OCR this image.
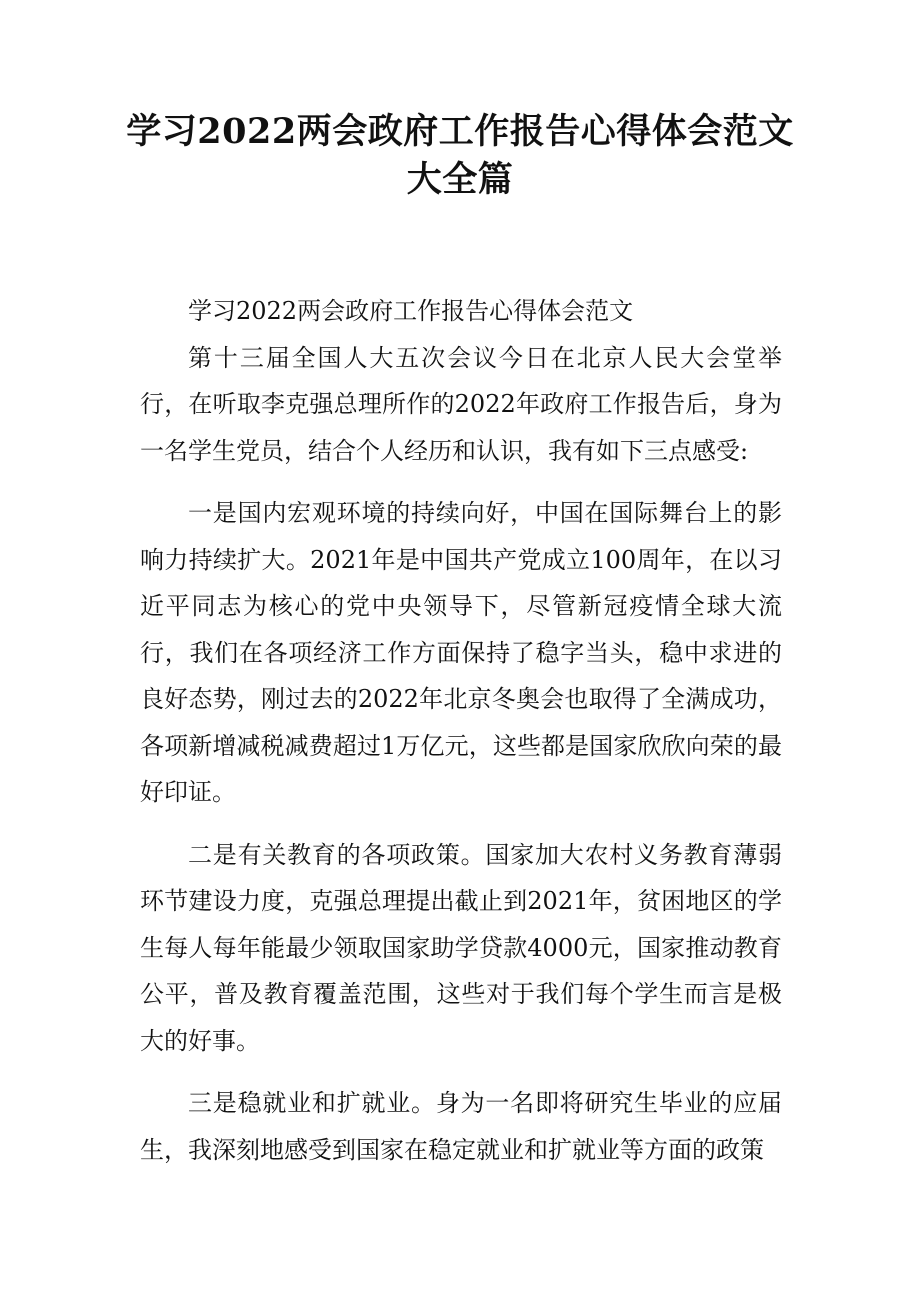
学习2022两会政府工作报告心得体会范文
大全篇

学习2022两会政府工作报告心得体会范文

第十三届全国人大五次会议今日在北京人民大会堂举行，在听取李克强总理所作的2022年政府工作报告后，身为一名学生党员，结合个人经历和认识，我有如下三点感受:

一是国内宏观环境的持续向好，中国在国际舞台上的影响力持续扩大。2021年是中国共产党成立100周年，在以习近平同志为核心的党中央领导下，尽管新冠疫情全球大流行，我们在各项经济工作方面保持了稳字当头，稳中求进的良好态势，刚过去的2022年北京冬奥会也取得了全满成功，各项新增减税减费超过1万亿元，这些都是国家欣欣向荣的最好印证。

二是有关教育的各项政策。国家加大农村义务教育薄弱环节建设力度，克强总理提出截止到2021年，贫困地区的学生每人每年能最少领取国家助学贷款4000元，国家推动教育公平，普及教育覆盖范围，这些对于我们每个学生而言是极大的好事。

三是稳就业和扩就业。身为一名即将研究生毕业的应届生，我深刻地感受到国家在稳定就业和扩就业等方面的政策
